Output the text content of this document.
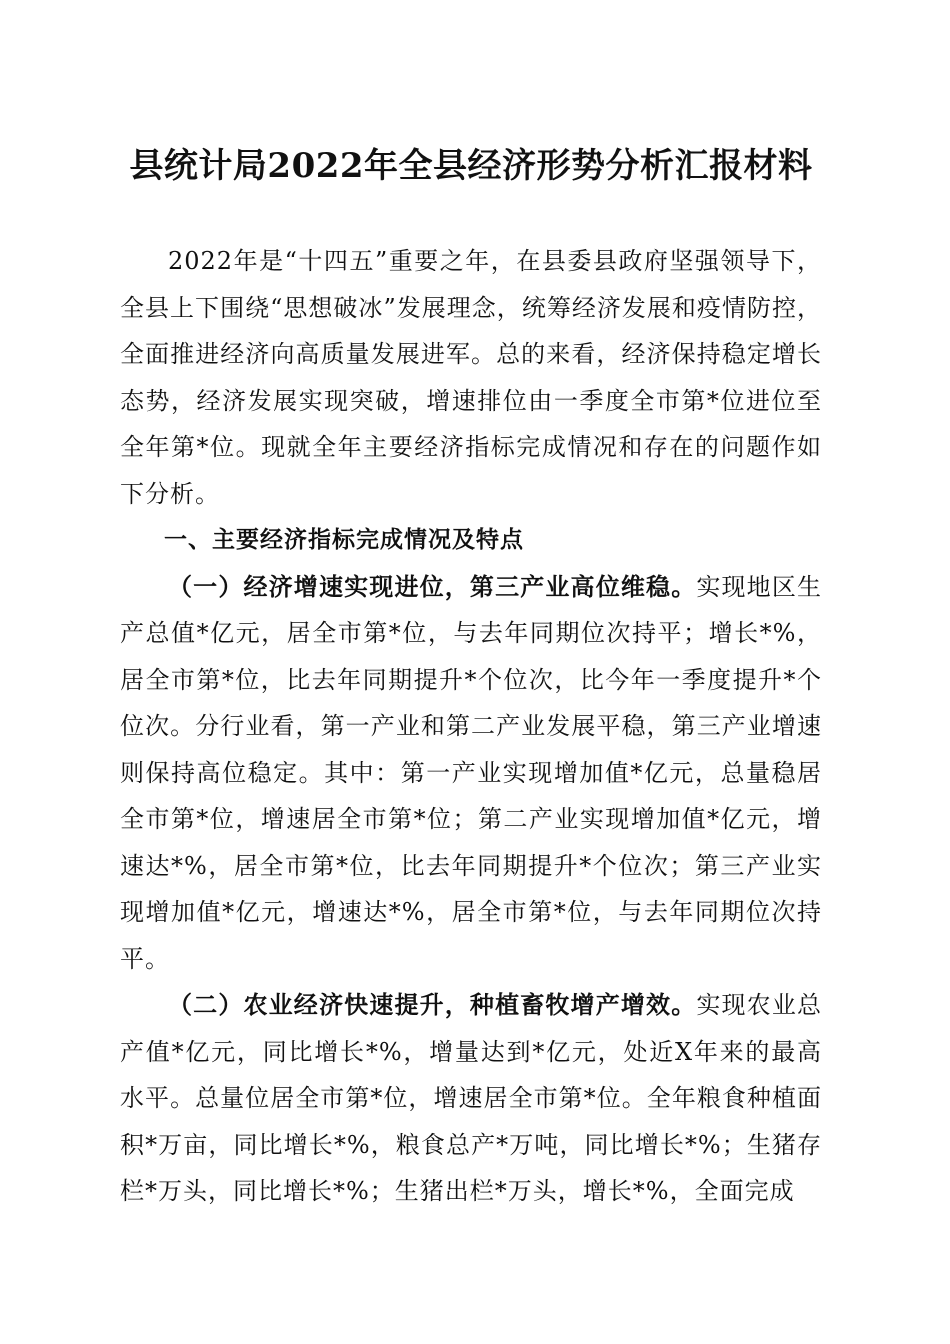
县统计局2022年全县经济形势分析汇报材料

2022年是“十四五”重要之年，在县委县政府坚强领导下，全县上下围绕“思想破冰”发展理念，统筹经济发展和疫情防控，全面推进经济向高质量发展进军。总的来看，经济保持稳定增长态势，经济发展实现突破，增速排位由一季度全市第*位进位至全年第*位。现就全年主要经济指标完成情况和存在的问题作如下分析。

一、主要经济指标完成情况及特点

（一）经济增速实现进位，第三产业高位维稳。实现地区生产总值*亿元，居全市第*位，与去年同期位次持平；增长*%，居全市第*位，比去年同期提升*个位次，比今年一季度提升*个位次。分行业看，第一产业和第二产业发展平稳，第三产业增速则保持高位稳定。其中：第一产业实现增加值*亿元，总量稳居全市第*位，增速居全市第*位；第二产业实现增加值*亿元，增速达*%，居全市第*位，比去年同期提升*个位次；第三产业实现增加值*亿元，增速达*%，居全市第*位，与去年同期位次持平。

（二）农业经济快速提升，种植畜牧增产增效。实现农业总产值*亿元，同比增长*%，增量达到*亿元，处近X年来的最高水平。总量位居全市第*位，增速居全市第*位。全年粮食种植面积*万亩，同比增长*%，粮食总产*万吨，同比增长*%；生猪存栏*万头，同比增长*%；生猪出栏*万头，增长*%，全面完成
